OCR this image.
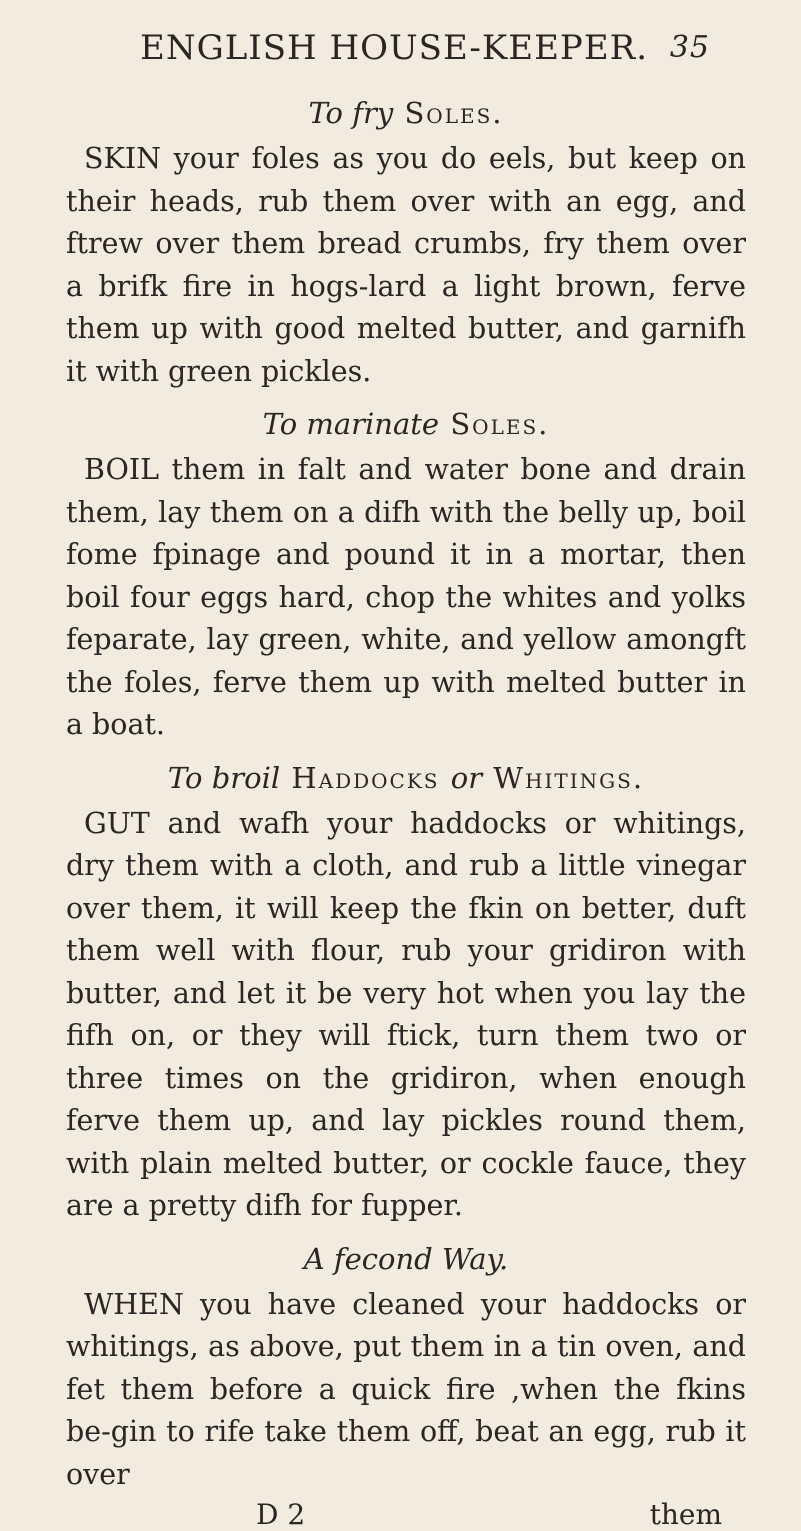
ENGLISH HOUSE-KEEPER. 35
To fry Soles.

SKIN your foles as you do eels, but keep on their heads, rub them over with an egg, and ftrew over them bread crumbs, fry them over a brifk fire in hogs-lard a light brown, ferve them up with good melted butter, and garnifh it with green pickles.

To marinate Soles.

BOIL them in falt and water bone and drain them, lay them on a difh with the belly up, boil fome fpinage and pound it in a mortar, then boil four eggs hard, chop the whites and yolks feparate, lay green, white, and yellow amongft the foles, ferve them up with melted butter in a boat.

To broil Haddocks or Whitings.

GUT and wafh your haddocks or whitings, dry them with a cloth, and rub a little vinegar over them, it will keep the fkin on better, duft them well with flour, rub your gridiron with butter, and let it be very hot when you lay the fifh on, or they will ftick, turn them two or three times on the gridiron, when enough ferve them up, and lay pickles round them, with plain melted butter, or cockle fauce, they are a pretty difh for fupper.

A fecond Way.

WHEN you have cleaned your haddocks or whitings, as above, put them in a tin oven, and fet them before a quick fire ,when the fkins be-gin to rife take them off, beat an egg, rub it over

D 2	them
